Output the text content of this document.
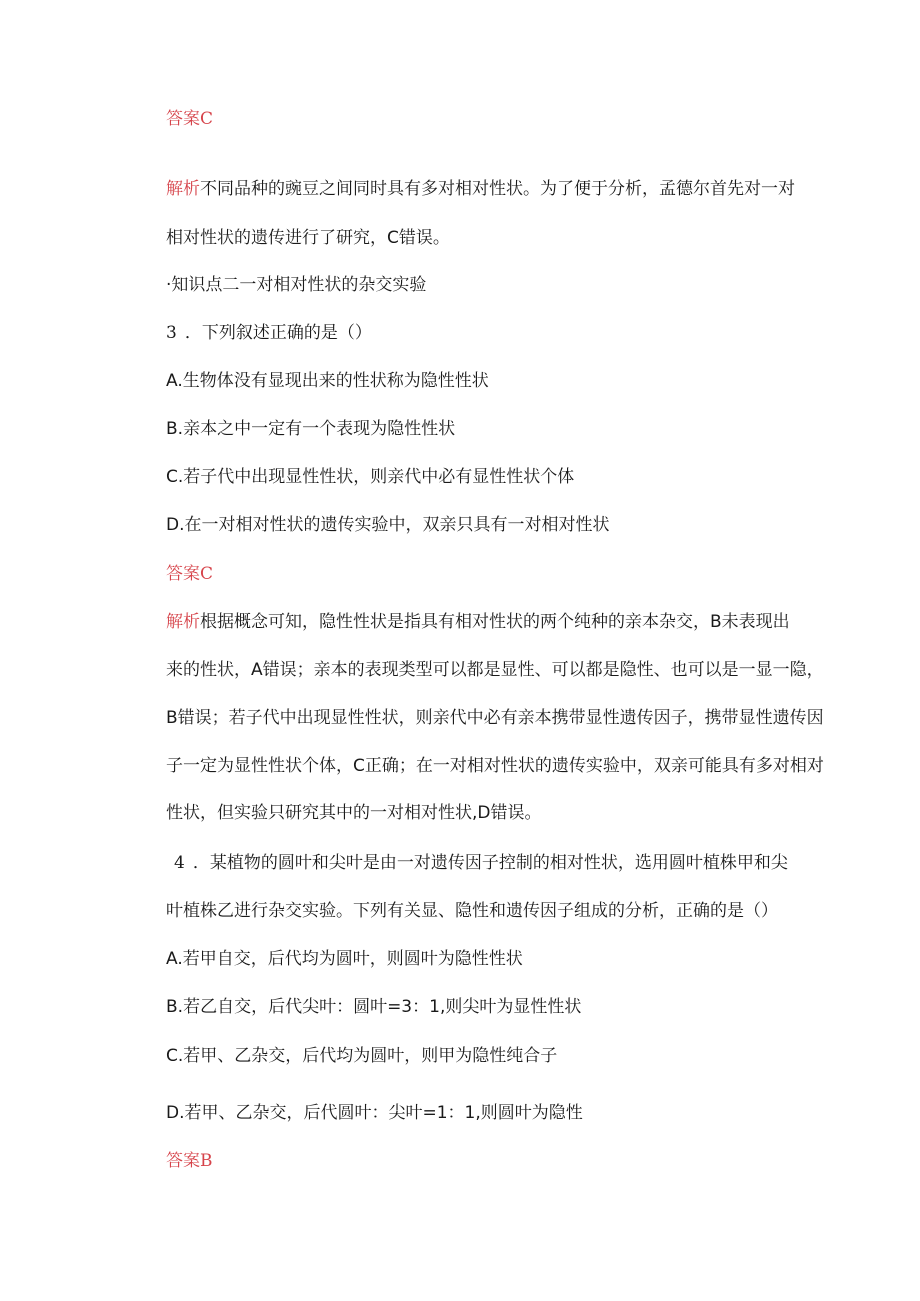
答案C
解析不同品种的豌豆之间同时具有多对相对性状。为了便于分析，孟德尔首先对一对
相对性状的遗传进行了研究，C错误。
·知识点二一对相对性状的杂交实验
3 ．下列叙述正确的是（）
A.生物体没有显现出来的性状称为隐性性状
B.亲本之中一定有一个表现为隐性性状
C.若子代中出现显性性状，则亲代中必有显性性状个体
D.在一对相对性状的遗传实验中，双亲只具有一对相对性状
答案C
解析根据概念可知，隐性性状是指具有相对性状的两个纯种的亲本杂交，B未表现出
来的性状，A错误；亲本的表现类型可以都是显性、可以都是隐性、也可以是一显一隐，
B错误；若子代中出现显性性状，则亲代中必有亲本携带显性遗传因子，携带显性遗传因
子一定为显性性状个体，C正确；在一对相对性状的遗传实验中，双亲可能具有多对相对
性状，但实验只研究其中的一对相对性状,D错误。
4 ．某植物的圆叶和尖叶是由一对遗传因子控制的相对性状，选用圆叶植株甲和尖
叶植株乙进行杂交实验。下列有关显、隐性和遗传因子组成的分析，正确的是（）
A.若甲自交，后代均为圆叶，则圆叶为隐性性状
B.若乙自交，后代尖叶：圆叶=3：1,则尖叶为显性性状
C.若甲、乙杂交，后代均为圆叶，则甲为隐性纯合子
D.若甲、乙杂交，后代圆叶：尖叶=1：1,则圆叶为隐性
答案B
